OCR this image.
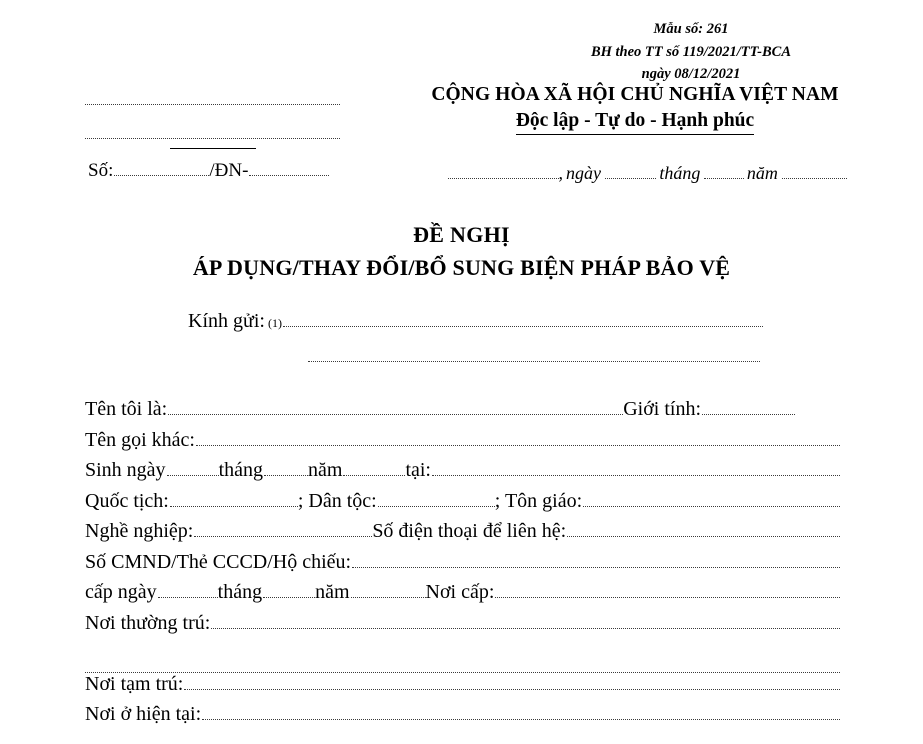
Mẫu số: 261
BH theo TT số 119/2021/TT-BCA
ngày 08/12/2021
Số:	/ĐN-
CỘNG HÒA XÃ HỘI CHỦ NGHĨA VIỆT NAM
Độc lập - Tự do - Hạnh phúc
, ngày	tháng	năm
ĐỀ NGHỊ
ÁP DỤNG/THAY ĐỔI/BỔ SUNG BIỆN PHÁP BẢO VỆ
Kính gửi: (1)
Tên tôi là:	Giới tính:
Tên gọi khác:
Sinh ngày	tháng năm	tại:
Quốc tịch:	; Dân tộc:	; Tôn giáo:
Nghề nghiệp:	Số điện thoại để liên hệ:
Số CMND/Thẻ CCCD/Hộ chiếu:
cấp ngày	tháng	năm	Nơi cấp:
Nơi thường trú:
Nơi tạm trú:
Nơi ở hiện tại:
